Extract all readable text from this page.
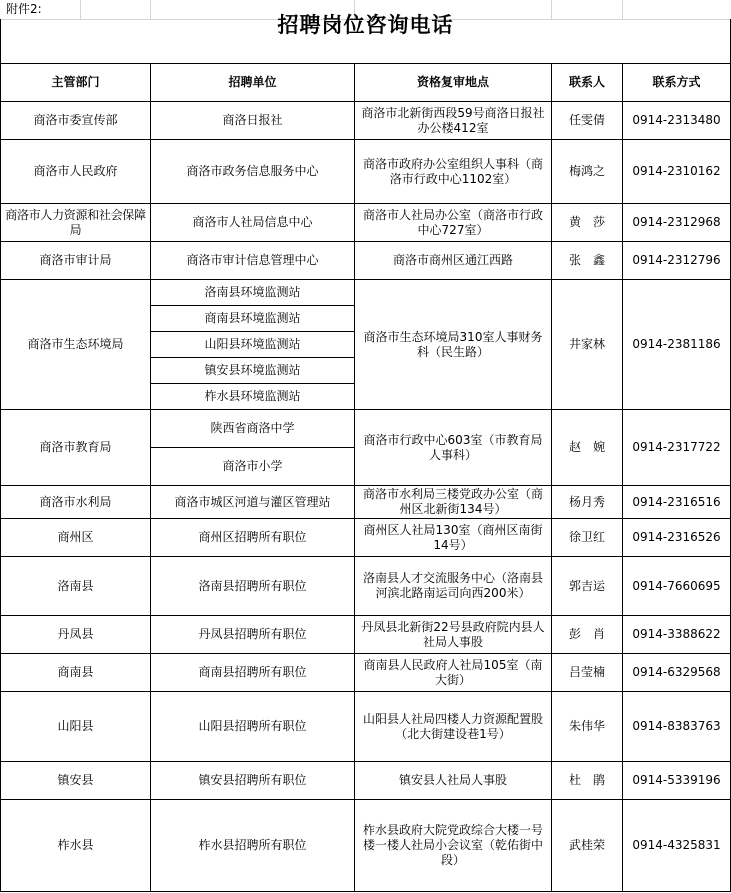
附件2:
招聘岗位咨询电话
主管部门	招聘单位	资格复审地点	联系人	联系方式
商洛市委宣传部	商洛日报社	商洛市北新街西段59号商洛日报社办公楼412室	任雯倩	0914-2313480
商洛市人民政府	商洛市政务信息服务中心	商洛市政府办公室组织人事科（商洛市行政中心1102室）	梅鸿之	0914-2310162
商洛市人力资源和社会保障局	商洛市人社局信息中心	商洛市人社局办公室（商洛市行政中心727室）	黄　莎	0914-2312968
商洛市审计局	商洛市审计信息管理中心	商洛市商州区通江西路	张　鑫	0914-2312796
商洛市生态环境局	洛南县环境监测站	商洛市生态环境局310室人事财务科（民生路）	井家林	0914-2381186
	商南县环境监测站			
	山阳县环境监测站			
	镇安县环境监测站			
	柞水县环境监测站			
商洛市教育局	陕西省商洛中学	商洛市行政中心603室（市教育局人事科）	赵　婉	0914-2317722
	商洛市小学			
商洛市水利局	商洛市城区河道与灌区管理站	商洛市水利局三楼党政办公室（商州区北新街134号）	杨月秀	0914-2316516
商州区	商州区招聘所有职位	商州区人社局130室（商州区南街14号）	徐卫红	0914-2316526
洛南县	洛南县招聘所有职位	洛南县人才交流服务中心（洛南县河滨北路南运司向西200米）	郭吉运	0914-7660695
丹凤县	丹凤县招聘所有职位	丹凤县北新街22号县政府院内县人社局人事股	彭　肖	0914-3388622
商南县	商南县招聘所有职位	商南县人民政府人社局105室（南大街）	吕莹楠	0914-6329568
山阳县	山阳县招聘所有职位	山阳县人社局四楼人力资源配置股（北大街建设巷1号）	朱伟华	0914-8383763
镇安县	镇安县招聘所有职位	镇安县人社局人事股	杜　鹃	0914-5339196
柞水县	柞水县招聘所有职位	柞水县政府大院党政综合大楼一号楼一楼人社局小会议室（乾佑街中段）	武桂荣	0914-4325831
